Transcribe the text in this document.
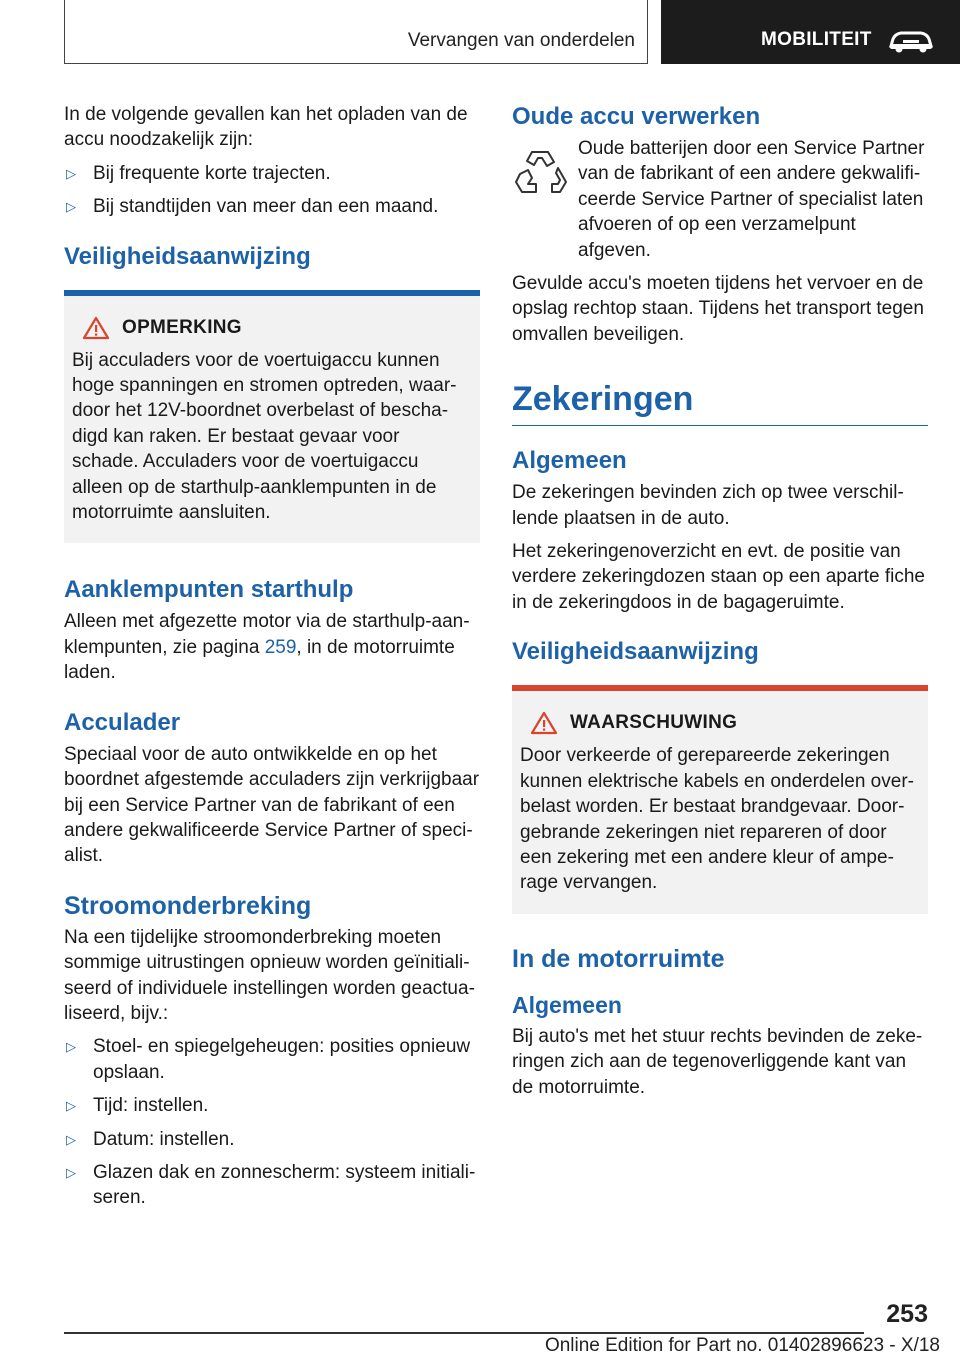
Vervangen van onderdelen	MOBILITEIT

In de volgende gevallen kan het opladen van de accu noodzakelijk zijn:

▷ Bij frequente korte trajecten.
▷ Bij standtijden van meer dan een maand.
Veiligheidsaanwijzing
OPMERKING

Bij acculaders voor de voertuigaccu kunnen hoge spanningen en stromen optreden, waardoor het 12V-boordnet overbelast of beschadigd kan raken. Er bestaat gevaar voor schade. Acculaders voor de voertuigaccu alleen op de starthulp-aanklempunten in de motorruimte aansluiten.

Aanklempunten starthulp

Alleen met afgezette motor via de starthulp-aanklempunten, zie pagina 259, in de motorruimte laden.

Acculader

Speciaal voor de auto ontwikkelde en op het boordnet afgestemde acculaders zijn verkrijgbaar bij een Service Partner van de fabrikant of een andere gekwalificeerde Service Partner of specialist.

Stroomonderbreking

Na een tijdelijke stroomonderbreking moeten sommige uitrustingen opnieuw worden geïnitialiseerd of individuele instellingen worden geactualiseerd, bijv.:

▷ Stoel- en spiegelgeheugen: posities opnieuw opslaan.
▷ Tijd: instellen.
▷ Datum: instellen.
▷ Glazen dak en zonnescherm: systeem initialiseren.
Oude accu verwerken

Oude batterijen door een Service Partner van de fabrikant of een andere gekwalificeerde Service Partner of specialist laten afvoeren of op een verzamelpunt afgeven.

Gevulde accu's moeten tijdens het vervoer en de opslag rechtop staan. Tijdens het transport tegen omvallen beveiligen.

Zekeringen
Algemeen

De zekeringen bevinden zich op twee verschillende plaatsen in de auto.

Het zekeringenoverzicht en evt. de positie van verdere zekeringdozen staan op een aparte fiche in de zekeringdoos in de bagageruimte.

Veiligheidsaanwijzing
WAARSCHUWING

Door verkeerde of gerepareerde zekeringen kunnen elektrische kabels en onderdelen overbelast worden. Er bestaat brandgevaar. Doorgebrande zekeringen niet repareren of door een zekering met een andere kleur of amperage vervangen.

In de motorruimte
Algemeen

Bij auto's met het stuur rechts bevinden de zekeringen zich aan de tegenoverliggende kant van de motorruimte.

253
Online Edition for Part no. 01402896623 - X/18
